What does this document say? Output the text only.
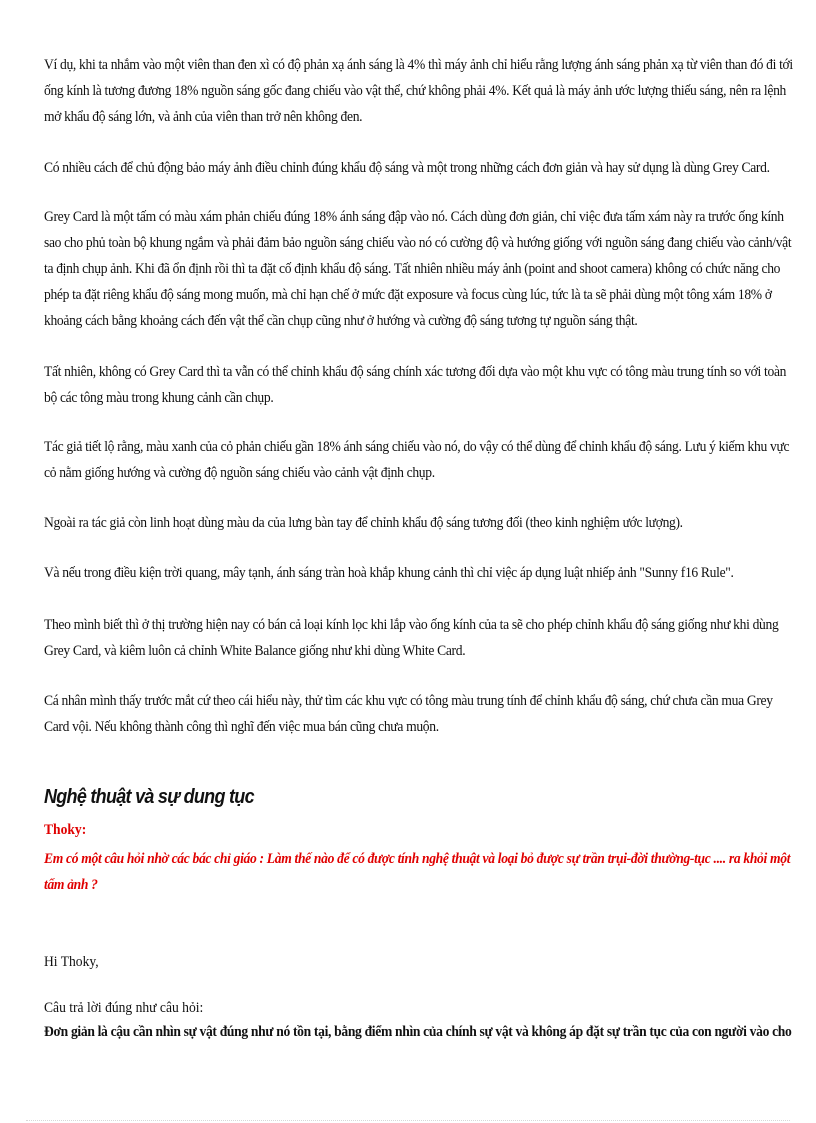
Ví dụ, khi ta nhắm vào một viên than đen xì có độ phản xạ ánh sáng là 4% thì máy ảnh chỉ hiểu rằng lượng ánh sáng phản xạ từ viên than đó đi tới ống kính là tương đương 18% nguồn sáng gốc đang chiếu vào vật thể, chứ không phải 4%. Kết quả là máy ảnh ước lượng thiếu sáng, nên ra lệnh mở khẩu độ sáng lớn, và ảnh của viên than trở nên không đen.

Có nhiều cách để chủ động bảo máy ảnh điều chỉnh đúng khẩu độ sáng và một trong những cách đơn giản và hay sử dụng là dùng Grey Card.

Grey Card là một tấm có màu xám phản chiếu đúng 18% ánh sáng đập vào nó. Cách dùng đơn giản, chỉ việc đưa tấm xám này ra trước ống kính sao cho phủ toàn bộ khung ngắm và phải đảm bảo nguồn sáng chiếu vào nó có cường độ và hướng giống với nguồn sáng đang chiếu vào cảnh/vật ta định chụp ảnh. Khi đã ổn định rồi thì ta đặt cố định khẩu độ sáng. Tất nhiên nhiều máy ảnh (point and shoot camera) không có chức năng cho phép ta đặt riêng khẩu độ sáng mong muốn, mà chỉ hạn chế ở mức đặt exposure và focus cùng lúc, tức là ta sẽ phải dùng một tông xám 18% ở khoảng cách bằng khoảng cách đến vật thể cần chụp cũng như ở hướng và cường độ sáng tương tự nguồn sáng thật.

Tất nhiên, không có Grey Card thì ta vẫn có thể chỉnh khẩu độ sáng chính xác tương đối dựa vào một khu vực có tông màu trung tính so với toàn bộ các tông màu trong khung cảnh cần chụp.

Tác giả tiết lộ rằng, màu xanh của cỏ phản chiếu gần 18% ánh sáng chiếu vào nó, do vậy có thể dùng để chỉnh khẩu độ sáng. Lưu ý kiếm khu vực cỏ nằm giống hướng và cường độ nguồn sáng chiếu vào cảnh vật định chụp.

Ngoài ra tác giả còn linh hoạt dùng màu da của lưng bàn tay để chỉnh khẩu độ sáng tương đối (theo kinh nghiệm ước lượng).

Và nếu trong điều kiện trời quang, mây tạnh, ánh sáng tràn hoà khắp khung cảnh thì chỉ việc áp dụng luật nhiếp ảnh "Sunny f16 Rule".

Theo mình biết thì ở thị trường hiện nay có bán cả loại kính lọc khi lắp vào ống kính của ta sẽ cho phép chỉnh khẩu độ sáng giống như khi dùng Grey Card, và kiêm luôn cả chỉnh White Balance giống như khi dùng White Card.

Cá nhân mình thấy trước mắt cứ theo cái hiểu này, thử tìm các khu vực có tông màu trung tính để chỉnh khẩu độ sáng, chứ chưa cần mua Grey Card vội. Nếu không thành công thì nghĩ đến việc mua bán cũng chưa muộn.

Nghệ thuật và sự dung tục
Thoky:

Em có một câu hỏi nhờ các bác chỉ giáo : Làm thế nào để có được tính nghệ thuật và loại bỏ được sự trần trụi-đời thường-tục .... ra khỏi một tấm ảnh ?

Hi Thoky,
Câu trả lời đúng như câu hỏi:
Đơn giản là cậu cần nhìn sự vật đúng như nó tồn tại, bằng điểm nhìn của chính sự vật và không áp đặt sự trần tục của con người vào cho
